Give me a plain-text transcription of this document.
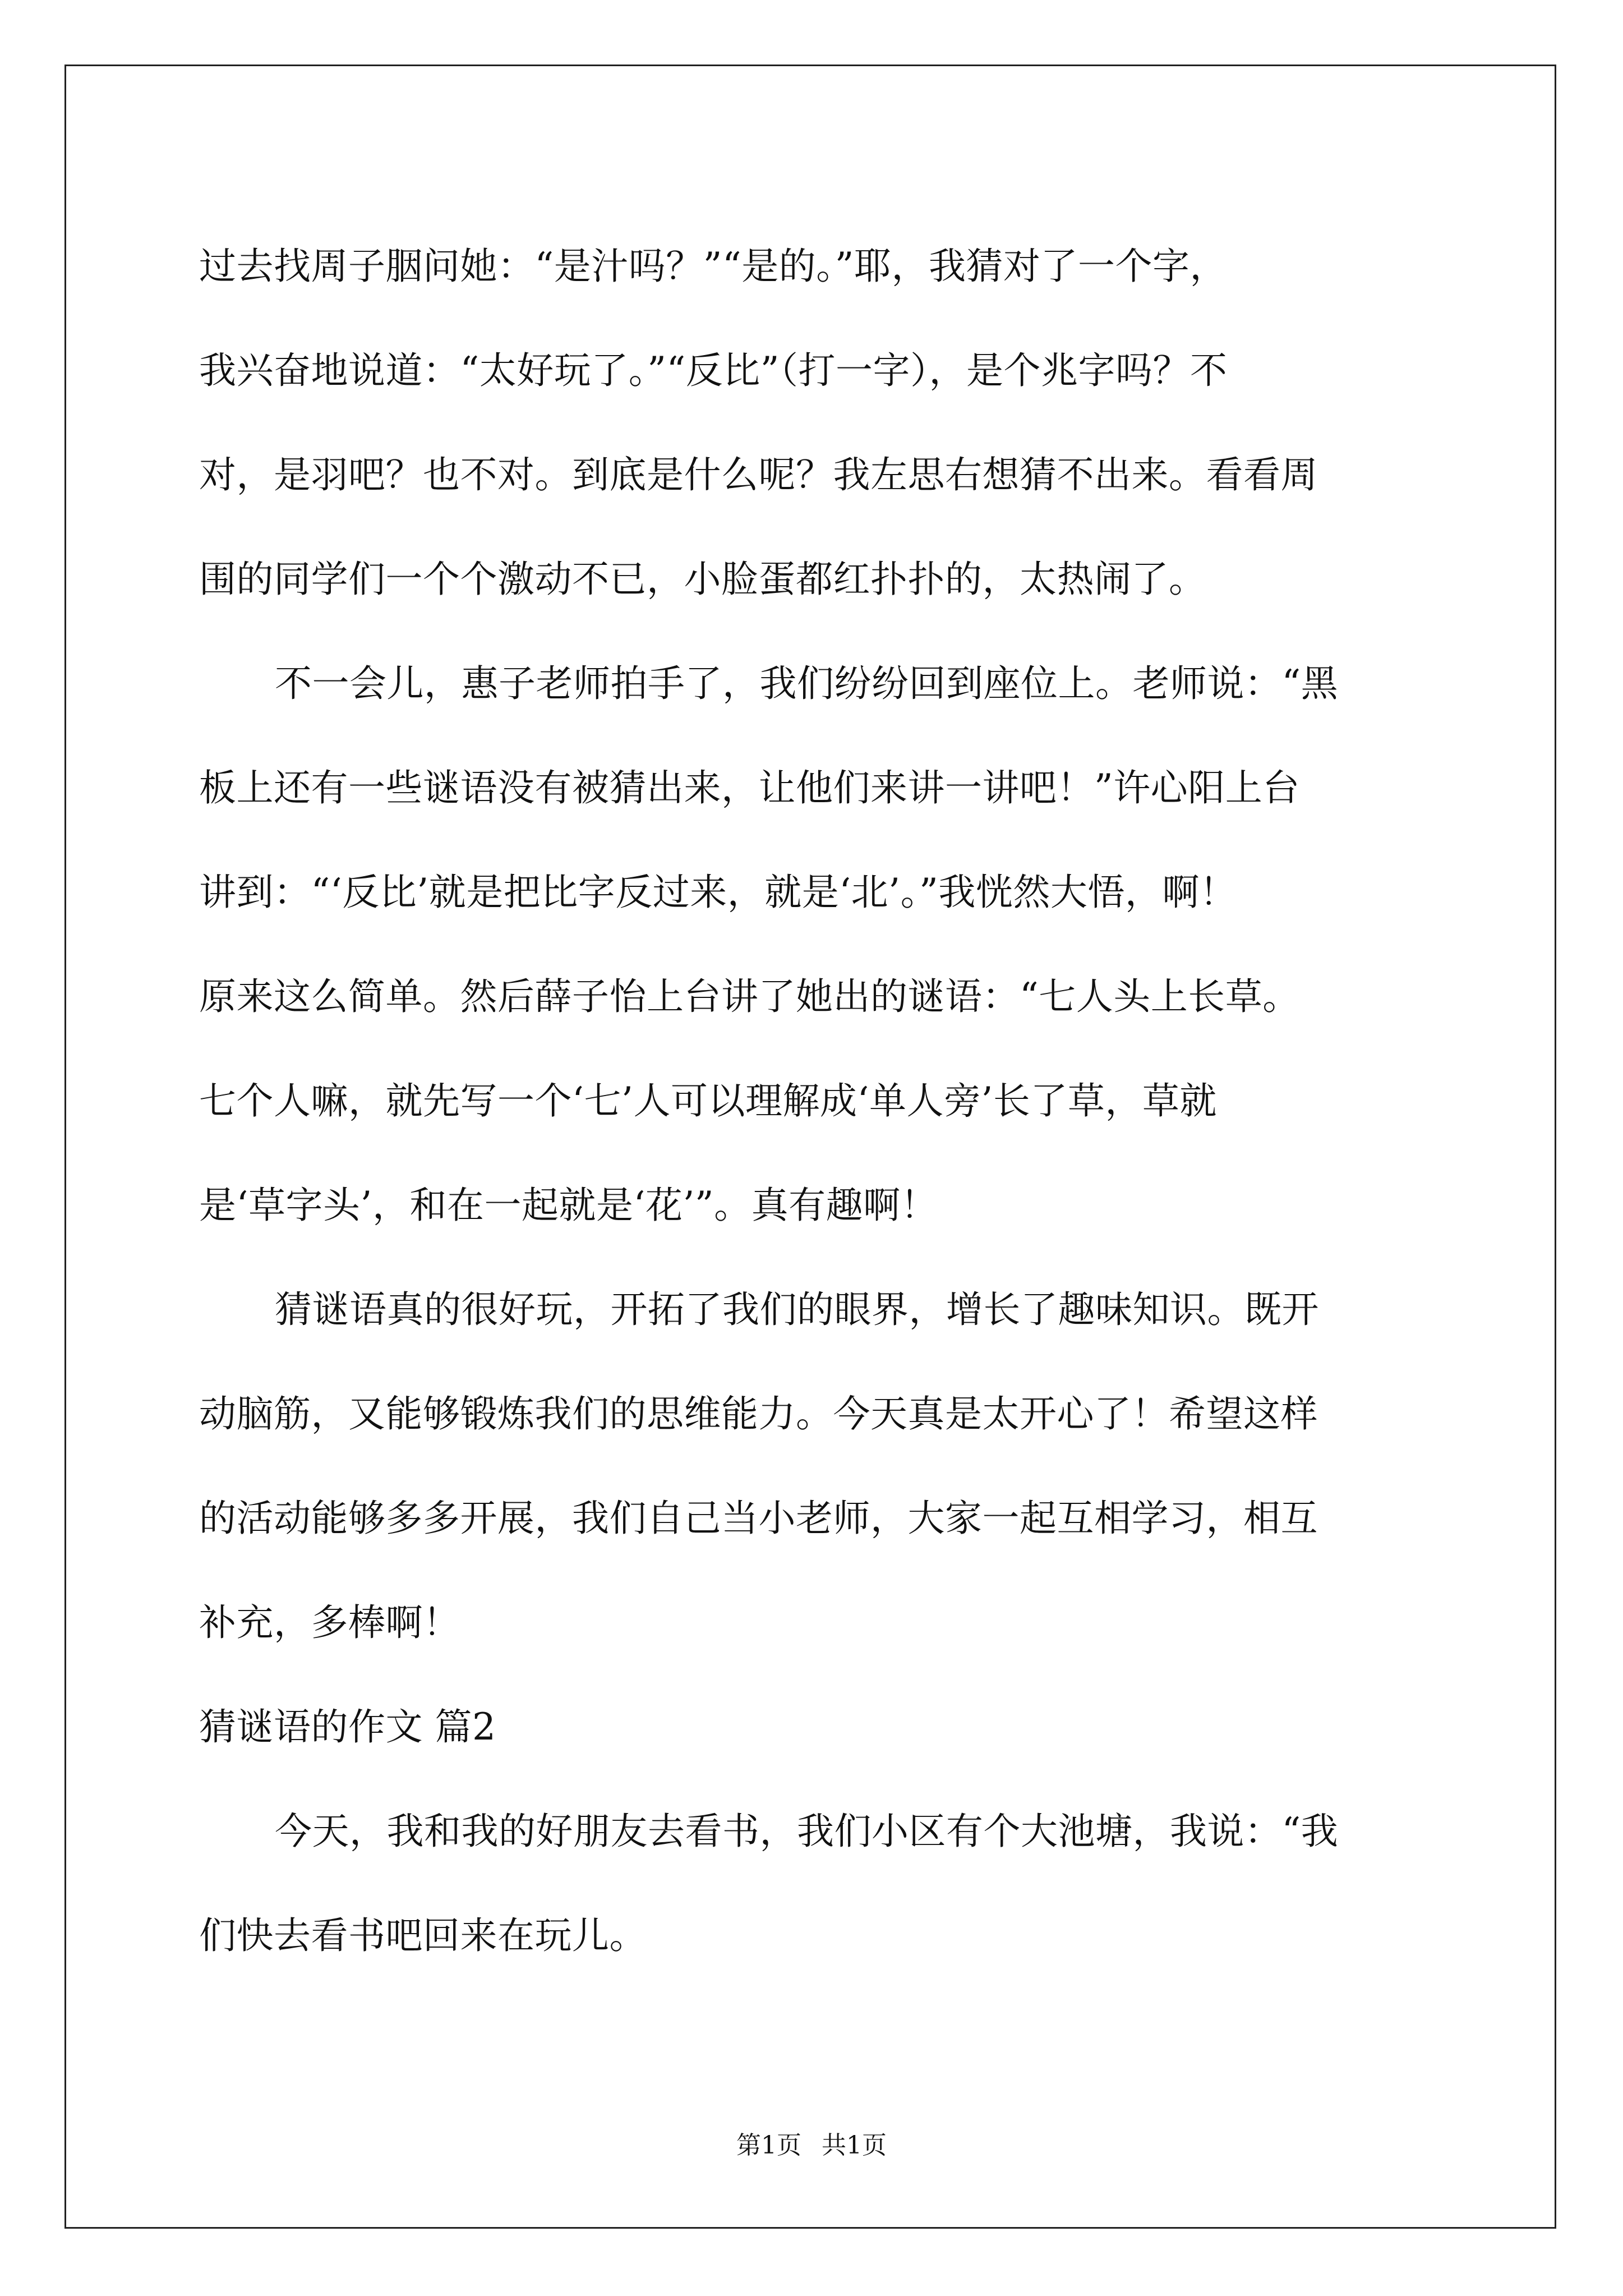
过去找周子胭问她：“是汁吗？”“是的。”耶，我猜对了一个字，
我兴奋地说道：“太好玩了。”“反比”（打一字），是个兆字吗？不
对，是羽吧？也不对。到底是什么呢？我左思右想猜不出来。看看周
围的同学们一个个激动不已，小脸蛋都红扑扑的，太热闹了。
不一会儿，惠子老师拍手了，我们纷纷回到座位上。老师说：“黑
板上还有一些谜语没有被猜出来，让他们来讲一讲吧！”许心阳上台
讲到：“‘反比’就是把比字反过来，就是‘北’。”我恍然大悟，啊！
原来这么简单。然后薛子怡上台讲了她出的谜语：“七人头上长草。
七个人嘛，就先写一个‘七’人可以理解成‘单人旁’长了草，草就
是‘草字头’，和在一起就是‘花’”。真有趣啊！
猜谜语真的很好玩，开拓了我们的眼界，增长了趣味知识。既开
动脑筋，又能够锻炼我们的思维能力。今天真是太开心了！希望这样
的活动能够多多开展，我们自己当小老师，大家一起互相学习，相互
补充，多棒啊！
猜谜语的作文 篇2
今天，我和我的好朋友去看书，我们小区有个大池塘，我说：“我
们快去看书吧回来在玩儿。
第1页 共1页
